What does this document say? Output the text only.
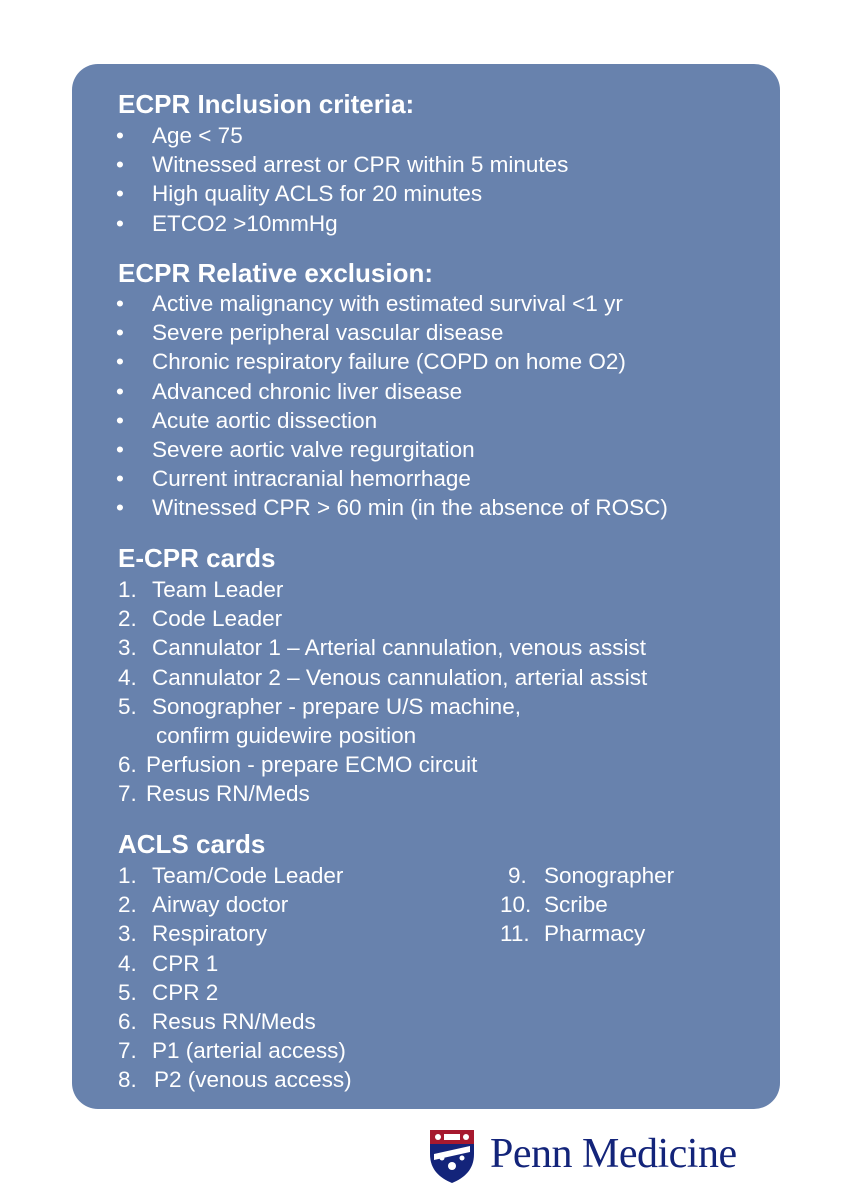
ECPR Inclusion criteria:
• Age < 75
• Witnessed arrest or CPR within 5 minutes
• High quality ACLS for 20 minutes
• ETCO2 >10mmHg
ECPR Relative exclusion:
• Active malignancy with estimated survival <1 yr
• Severe peripheral vascular disease
• Chronic respiratory failure (COPD on home O2)
• Advanced chronic liver disease
• Acute aortic dissection
• Severe aortic valve regurgitation
• Current intracranial hemorrhage
• Witnessed CPR > 60 min (in the absence of ROSC)
E-CPR cards
1. Team Leader
2. Code Leader
3. Cannulator 1 – Arterial cannulation, venous assist
4. Cannulator 2 – Venous cannulation, arterial assist
5. Sonographer - prepare U/S machine,
confirm guidewire position
6. Perfusion - prepare ECMO circuit
7. Resus RN/Meds
ACLS cards
1. Team/Code Leader
2. Airway doctor
3. Respiratory
4. CPR 1
5. CPR 2
6. Resus RN/Meds
7. P1 (arterial access)
8. P2 (venous access)
9. Sonographer
10. Scribe
11. Pharmacy
Penn Medicine
